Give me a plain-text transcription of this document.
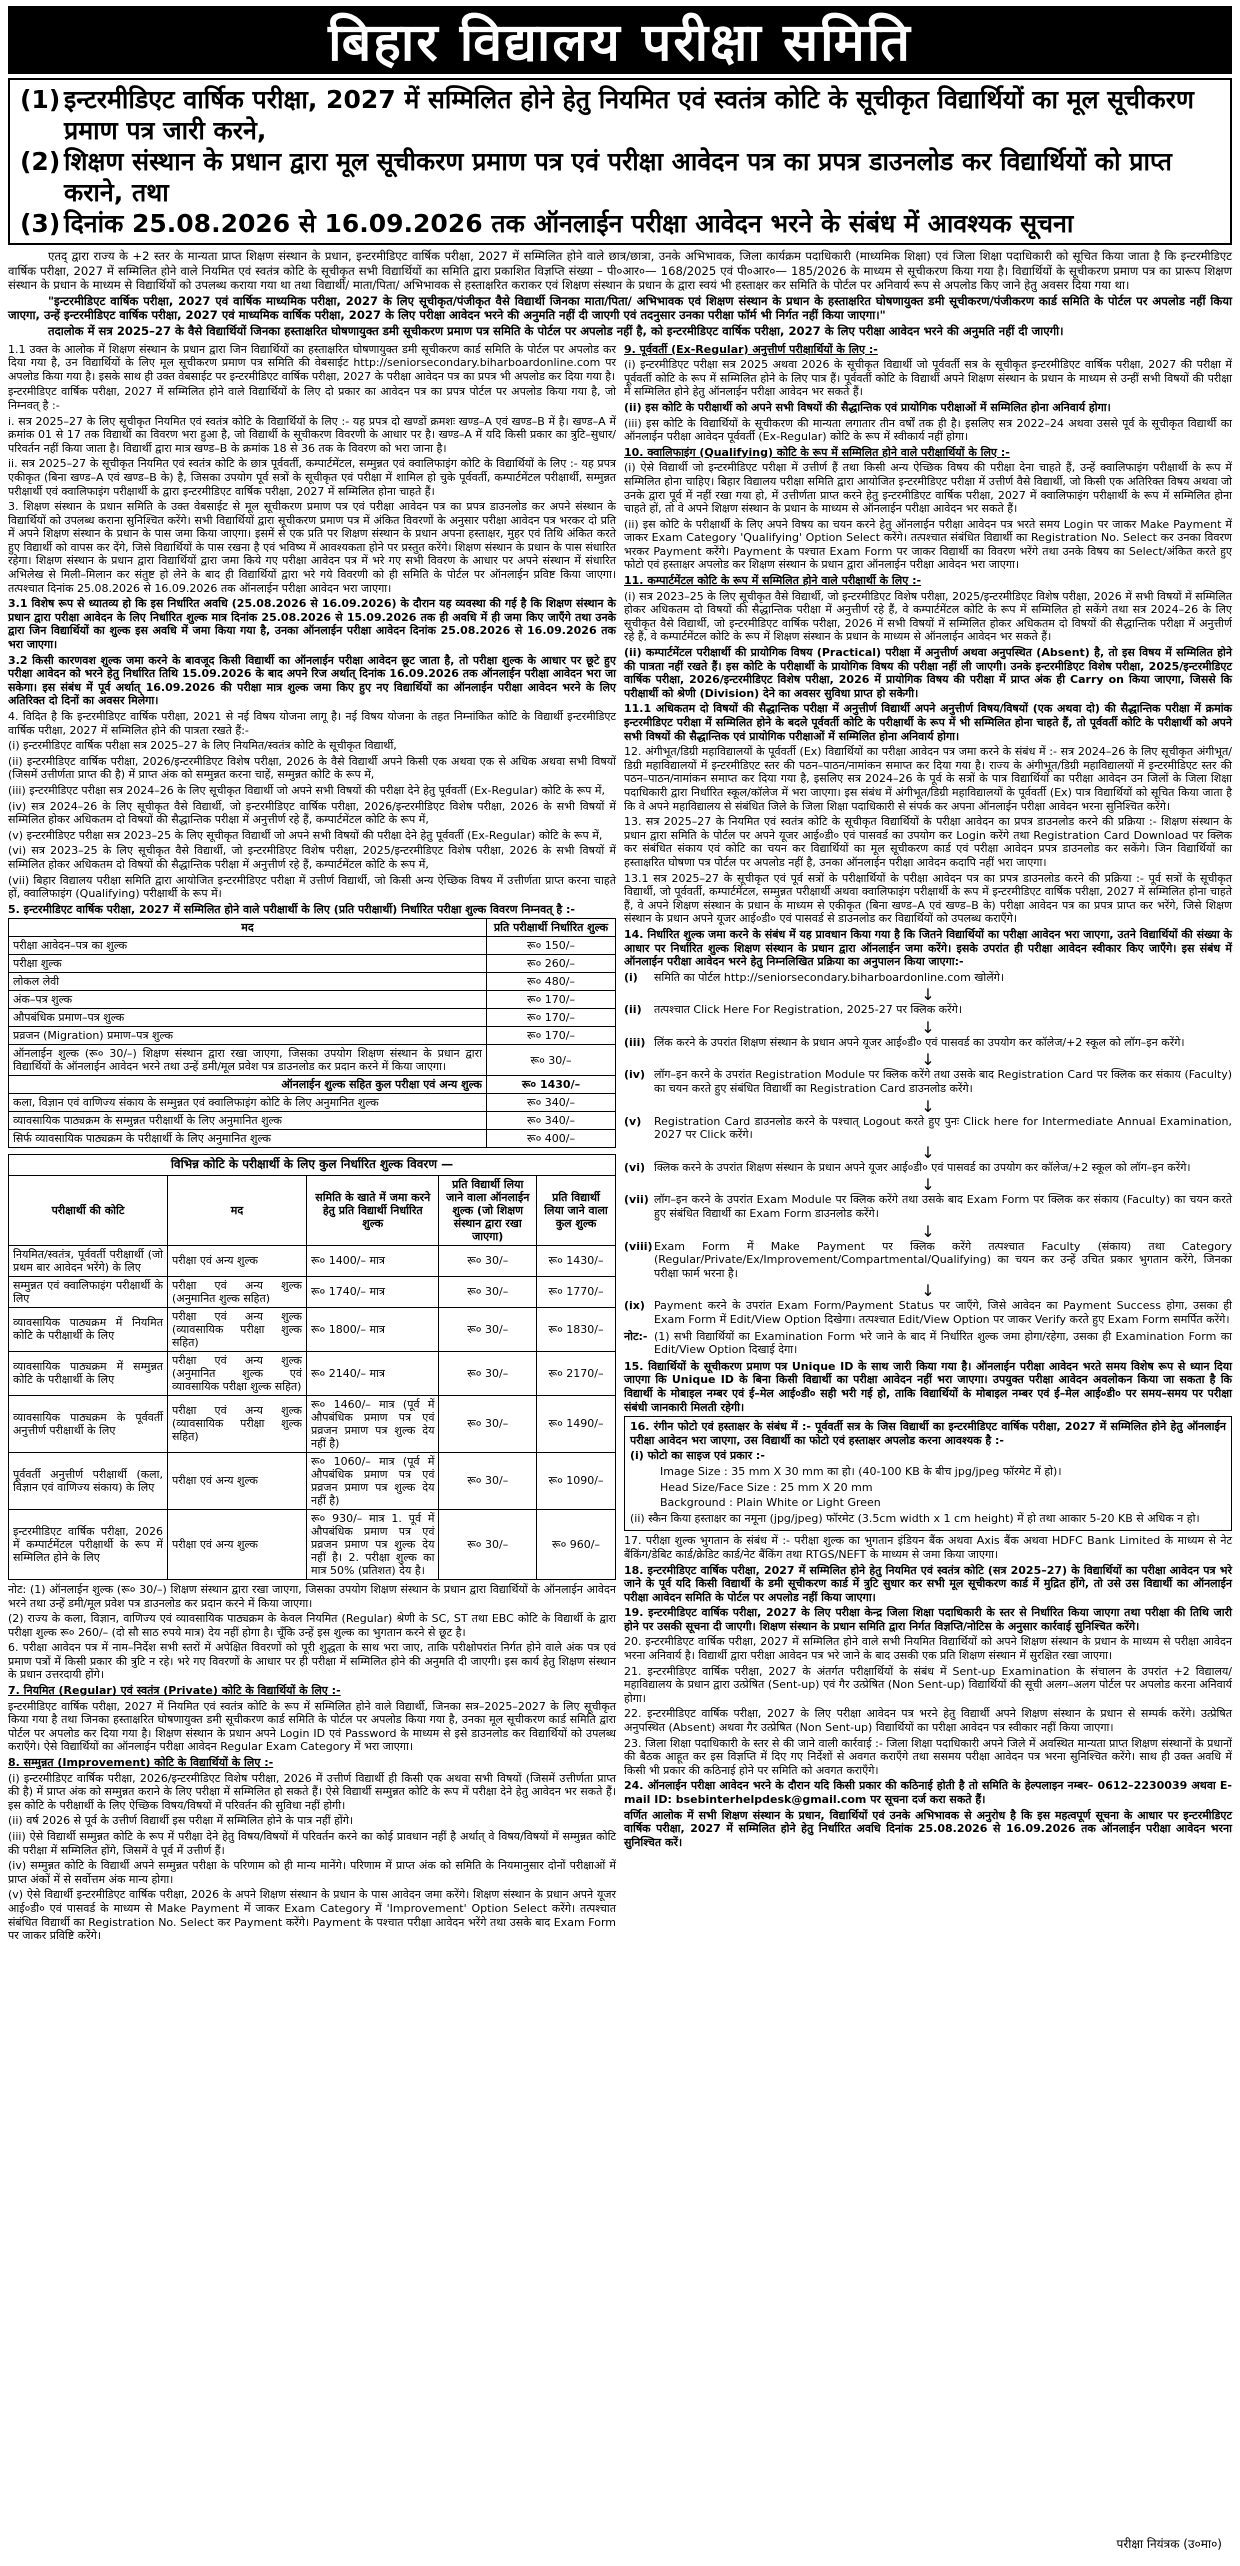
बिहार विद्यालय परीक्षा समिति
(1) इन्टरमीडिएट वार्षिक परीक्षा, 2027 में सम्मिलित होने हेतु नियमित एवं स्वतंत्र कोटि के सूचीकृत विद्यार्थियों का मूल सूचीकरण प्रमाण पत्र जारी करने,
(2) शिक्षण संस्थान के प्रधान द्वारा मूल सूचीकरण प्रमाण पत्र एवं परीक्षा आवेदन पत्र का प्रपत्र डाउनलोड कर विद्यार्थियों को प्राप्त कराने, तथा
(3) दिनांक 25.08.2026 से 16.09.2026 तक ऑनलाईन परीक्षा आवेदन भरने के संबंध में आवश्यक सूचना

एतद् द्वारा राज्य के +2 स्तर के मान्यता प्राप्त शिक्षण संस्थान के प्रधान, इन्टरमीडिएट वार्षिक परीक्षा, 2027 में सम्मिलित होने वाले छात्र/छात्रा, उनके अभिभावक, जिला कार्यक्रम पदाधिकारी (माध्यमिक शिक्षा) एवं जिला शिक्षा पदाधिकारी को सूचित किया जाता है कि इन्टरमीडिएट वार्षिक परीक्षा, 2027 में सम्मिलित होने वाले नियमित एवं स्वतंत्र कोटि के सूचीकृत सभी विद्यार्थियों का समिति द्वारा प्रकाशित विज्ञप्ति संख्या – पी०आर०— 168/2025 एवं पी०आर०— 185/2026 के माध्यम से सूचीकरण किया गया है। विद्यार्थियों के सूचीकरण प्रमाण पत्र का प्रारूप शिक्षण संस्थान के प्रधान के माध्यम से विद्यार्थियों को उपलब्ध कराया गया था तथा विद्यार्थी/ माता/पिता/ अभिभावक से हस्ताक्षरित कराकर एवं शिक्षण संस्थान के प्रधान के द्वारा स्वयं भी हस्ताक्षर कर समिति के पोर्टल पर अनिवार्य रूप से अपलोड किए जाने हेतु अवसर दिया गया था।

"इन्टरमीडिएट वार्षिक परीक्षा, 2027 एवं वार्षिक माध्यमिक परीक्षा, 2027 के लिए सूचीकृत/पंजीकृत वैसे विद्यार्थी जिनका माता/पिता/ अभिभावक एवं शिक्षण संस्थान के प्रधान के हस्ताक्षरित घोषणायुक्त डमी सूचीकरण/पंजीकरण कार्ड समिति के पोर्टल पर अपलोड नहीं किया जाएगा, उन्हें इन्टरमीडिएट वार्षिक परीक्षा, 2027 एवं माध्यमिक वार्षिक परीक्षा, 2027 के लिए परीक्षा आवेदन भरने की अनुमति नहीं दी जाएगी एवं तदनुसार उनका परीक्षा फॉर्म भी निर्गत नहीं किया जाएगा।"

तदालोक में सत्र 2025–27 के वैसे विद्यार्थियों जिनका हस्ताक्षरित घोषणायुक्त डमी सूचीकरण प्रमाण पत्र समिति के पोर्टल पर अपलोड नहीं है, को इन्टरमीडिएट वार्षिक परीक्षा, 2027 के लिए परीक्षा आवेदन भरने की अनुमति नहीं दी जाएगी।

1.1 उक्त के आलोक में शिक्षण संस्थान के प्रधान द्वारा जिन विद्यार्थियों का हस्ताक्षरित घोषणायुक्त डमी सूचीकरण कार्ड समिति के पोर्टल पर अपलोड कर दिया गया है, उन विद्यार्थियों के लिए मूल सूचीकरण प्रमाण पत्र समिति की वेबसाईट http://seniorsecondary.biharboardonline.com पर अपलोड किया गया है। इसके साथ ही उक्त वेबसाईट पर इन्टरमीडिएट वार्षिक परीक्षा, 2027 के परीक्षा आवेदन पत्र का प्रपत्र भी अपलोड कर दिया गया है।

इन्टरमीडिएट वार्षिक परीक्षा, 2027 में सम्मिलित होने वाले विद्यार्थियों के लिए दो प्रकार का आवेदन पत्र का प्रपत्र पोर्टल पर अपलोड किया गया है, जो निम्नवत् है :-

i. सत्र 2025–27 के लिए सूचीकृत नियमित एवं स्वतंत्र कोटि के विद्यार्थियों के लिए :- यह प्रपत्र दो खण्डों क्रमशः खण्ड–A एवं खण्ड–B में है। खण्ड–A में क्रमांक 01 से 17 तक विद्यार्थी का विवरण भरा हुआ है, जो विद्यार्थी के सूचीकरण विवरणी के आधार पर है। खण्ड–A में यदि किसी प्रकार का त्रुटि–सुधार/परिवर्तन नहीं किया जाता है। विद्यार्थी द्वारा मात्र खण्ड–B के क्रमांक 18 से 36 तक के विवरण को भरा जाना है।

ii. सत्र 2025–27 के सूचीकृत नियमित एवं स्वतंत्र कोटि के छात्र पूर्ववर्ती, कम्पार्टमेंटल, सम्मुन्नत एवं क्वालिफाइंग कोटि के विद्यार्थियों के लिए :- यह प्रपत्र एकीकृत (बिना खण्ड–A एवं खण्ड–B के) है, जिसका उपयोग पूर्व सत्रों के सूचीकृत एवं परीक्षा में शामिल हो चुके पूर्ववर्ती, कम्पार्टमेंटल परीक्षार्थी, सम्मुन्नत परीक्षार्थी एवं क्वालिफाइंग परीक्षार्थी के द्वारा इन्टरमीडिएट वार्षिक परीक्षा, 2027 में सम्मिलित होना चाहते हैं।

3. शिक्षण संस्थान के प्रधान समिति के उक्त वेबसाईट से मूल सूचीकरण प्रमाण पत्र एवं परीक्षा आवेदन पत्र का प्रपत्र डाउनलोड कर अपने संस्थान के विद्यार्थियों को उपलब्ध कराना सुनिश्चित करेंगे। सभी विद्यार्थियों द्वारा सूचीकरण प्रमाण पत्र में अंकित विवरणों के अनुसार परीक्षा आवेदन पत्र भरकर दो प्रति में अपने शिक्षण संस्थान के प्रधान के पास जमा किया जाएगा। इसमें से एक प्रति पर शिक्षण संस्थान के प्रधान अपना हस्ताक्षर, मुहर एवं तिथि अंकित करते हुए विद्यार्थी को वापस कर देंगे, जिसे विद्यार्थियों के पास रखना है एवं भविष्य में आवश्यकता होने पर प्रस्तुत करेंगे। शिक्षण संस्थान के प्रधान के पास संधारित रहेगा। शिक्षण संस्थान के प्रधान द्वारा विद्यार्थियों द्वारा जमा किये गए परीक्षा आवेदन पत्र में भरे गए सभी विवरण के आधार पर अपने संस्थान में संधारित अभिलेख से मिली–मिलान कर संतुष्ट हो लेने के बाद ही विद्यार्थियों द्वारा भरे गये विवरणी को ही समिति के पोर्टल पर ऑनलाईन प्रविष्ट किया जाएगा। तत्पश्चात दिनांक 25.08.2026 से 16.09.2026 तक ऑनलाईन परीक्षा आवेदन भरा जाएगा।

3.1 विशेष रूप से ध्यातव्य हो कि इस निर्धारित अवधि (25.08.2026 से 16.09.2026) के दौरान यह व्यवस्था की गई है कि शिक्षण संस्थान के प्रधान द्वारा परीक्षा आवेदन के लिए निर्धारित शुल्क मात्र दिनांक 25.08.2026 से 15.09.2026 तक ही अवधि में ही जमा किए जाएँगे तथा उनके द्वारा जिन विद्यार्थियों का शुल्क इस अवधि में जमा किया गया है, उनका ऑनलाईन परीक्षा आवेदन दिनांक 25.08.2026 से 16.09.2026 तक भरा जाएगा।

3.2 किसी कारणवश शुल्क जमा करने के बावजूद किसी विद्यार्थी का ऑनलाईन परीक्षा आवेदन छूट जाता है, तो परीक्षा शुल्क के आधार पर छूटे हुए परीक्षा आवेदन को भरने हेतु निर्धारित तिथि 15.09.2026 के बाद अपने रिज अर्थात् दिनांक 16.09.2026 तक ऑनलाईन परीक्षा आवेदन भरा जा सकेगा। इस संबंध में पूर्व अर्थात् 16.09.2026 की परीक्षा मात्र शुल्क जमा किए हुए नए विद्यार्थियों का ऑनलाईन परीक्षा आवेदन भरने के लिए अतिरिक्त दो दिनों का अवसर मिलेगा।

4. विदित है कि इन्टरमीडिएट वार्षिक परीक्षा, 2021 से नई विषय योजना लागू है। नई विषय योजना के तहत निम्नांकित कोटि के विद्यार्थी इन्टरमीडिएट वार्षिक परीक्षा, 2027 में सम्मिलित होने की पात्रता रखते हैं:-

(i) इन्टरमीडिएट वार्षिक परीक्षा सत्र 2025–27 के लिए नियमित/स्वतंत्र कोटि के सूचीकृत विद्यार्थी,

(ii) इन्टरमीडिएट वार्षिक परीक्षा, 2026/इन्टरमीडिएट विशेष परीक्षा, 2026 के वैसे विद्यार्थी अपने किसी एक अथवा एक से अधिक अथवा सभी विषयों (जिसमें उत्तीर्णता प्राप्त की है) में प्राप्त अंक को सम्मुन्नत करना चाहें, सम्मुन्नत कोटि के रूप में,

(iii) इन्टरमीडिएट परीक्षा सत्र 2024–26 के लिए सूचीकृत विद्यार्थी जो अपने सभी विषयों की परीक्षा देने हेतु पूर्ववर्ती (Ex-Regular) कोटि के रूप में,

(iv) सत्र 2024–26 के लिए सूचीकृत वैसे विद्यार्थी, जो इन्टरमीडिएट वार्षिक परीक्षा, 2026/इन्टरमीडिएट विशेष परीक्षा, 2026 के सभी विषयों में सम्मिलित होकर अधिकतम दो विषयों की सैद्धान्तिक परीक्षा में अनुत्तीर्ण रहे हैं, कम्पार्टमेंटल कोटि के रूप में,

(v) इन्टरमीडिएट परीक्षा सत्र 2023–25 के लिए सूचीकृत विद्यार्थी जो अपने सभी विषयों की परीक्षा देने हेतु पूर्ववर्ती (Ex-Regular) कोटि के रूप में,

(vi) सत्र 2023–25 के लिए सूचीकृत वैसे विद्यार्थी, जो इन्टरमीडिएट विशेष परीक्षा, 2025/इन्टरमीडिएट विशेष परीक्षा, 2026 के सभी विषयों में सम्मिलित होकर अधिकतम दो विषयों की सैद्धान्तिक परीक्षा में अनुत्तीर्ण रहे हैं, कम्पार्टमेंटल कोटि के रूप में,

(vii) बिहार विद्यालय परीक्षा समिति द्वारा आयोजित इन्टरमीडिएट परीक्षा में उत्तीर्ण विद्यार्थी, जो किसी अन्य ऐच्छिक विषय में उत्तीर्णता प्राप्त करना चाहते हों, क्वालिफाइंग (Qualifying) परीक्षार्थी के रूप में।

5. इन्टरमीडिएट वार्षिक परीक्षा, 2027 में सम्मिलित होने वाले परीक्षार्थी के लिए (प्रति परीक्षार्थी) निर्धारित परीक्षा शुल्क विवरण निम्नवत् है :-

मद	प्रति परीक्षार्थी निर्धारित शुल्क
परीक्षा आवेदन–पत्र का शुल्क	रू० 150/–
परीक्षा शुल्क	रू० 260/–
लोकल लेवी	रू० 480/–
अंक–पत्र शुल्क	रू० 170/–
औपबंधिक प्रमाण–पत्र शुल्क	रू० 170/–
प्रव्रजन (Migration) प्रमाण–पत्र शुल्क	रू० 170/–
ऑनलाईन शुल्क (रू० 30/–) शिक्षण संस्थान द्वारा रखा जाएगा, जिसका उपयोग शिक्षण संस्थान के प्रधान द्वारा विद्यार्थियों के ऑनलाईन आवेदन भरने तथा उन्हें डमी/मूल प्रवेश पत्र डाउनलोड कर प्रदान करने में किया जाएगा।	रू० 30/–
ऑनलाईन शुल्क सहित कुल परीक्षा एवं अन्य शुल्क	रू० 1430/–
कला, विज्ञान एवं वाणिज्य संकाय के सम्मुन्नत एवं क्वालिफाइंग कोटि के लिए अनुमानित शुल्क	रू० 340/–
व्यावसायिक पाठ्यक्रम के सम्मुन्नत परीक्षार्थी के लिए अनुमानित शुल्क	रू० 340/–
सिर्फ व्यावसायिक पाठ्यक्रम के परीक्षार्थी के लिए अनुमानित शुल्क	रू० 400/–
विभिन्न कोटि के परीक्षार्थी के लिए कुल निर्धारित शुल्क विवरण —
परीक्षार्थी की कोटि	मद	समिति के खाते में जमा करने हेतु प्रति विद्यार्थी निर्धारित शुल्क	प्रति विद्यार्थी लिया जाने वाला ऑनलाईन शुल्क (जो शिक्षण संस्थान द्वारा रखा जाएगा)	प्रति विद्यार्थी लिया जाने वाला कुल शुल्क
नियमित/स्वतंत्र, पूर्ववर्ती परीक्षार्थी (जो प्रथम बार आवेदन भरेंगे) के लिए	परीक्षा एवं अन्य शुल्क	रू० 1400/– मात्र	रू० 30/–	रू० 1430/–
सम्मुन्नत एवं क्वालिफाइंग परीक्षार्थी के लिए	परीक्षा एवं अन्य शुल्क (अनुमानित शुल्क सहित)	रू० 1740/– मात्र	रू० 30/–	रू० 1770/–
व्यावसायिक पाठ्यक्रम में नियमित कोटि के परीक्षार्थी के लिए	परीक्षा एवं अन्य शुल्क (व्यावसायिक परीक्षा शुल्क सहित)	रू० 1800/– मात्र	रू० 30/–	रू० 1830/–
व्यावसायिक पाठ्यक्रम में सम्मुन्नत कोटि के परीक्षार्थी के लिए	परीक्षा एवं अन्य शुल्क (अनुमानित शुल्क एवं व्यावसायिक परीक्षा शुल्क सहित)	रू० 2140/– मात्र	रू० 30/–	रू० 2170/–
व्यावसायिक पाठ्यक्रम के पूर्ववर्ती अनुत्तीर्ण परीक्षार्थी के लिए	परीक्षा एवं अन्य शुल्क (व्यावसायिक परीक्षा शुल्क सहित)	रू० 1460/– मात्र (पूर्व में औपबंधिक प्रमाण पत्र एवं प्रव्रजन प्रमाण पत्र शुल्क देय नहीं है)	रू० 30/–	रू० 1490/–
पूर्ववर्ती अनुत्तीर्ण परीक्षार्थी (कला, विज्ञान एवं वाणिज्य संकाय) के लिए	परीक्षा एवं अन्य शुल्क	रू० 1060/– मात्र (पूर्व में औपबंधिक प्रमाण पत्र एवं प्रव्रजन प्रमाण पत्र शुल्क देय नहीं है)	रू० 30/–	रू० 1090/–
इन्टरमीडिएट वार्षिक परीक्षा, 2026 में कम्पार्टमेंटल परीक्षार्थी के रूप में सम्मिलित होने के लिए	परीक्षा एवं अन्य शुल्क	रू० 930/– मात्र 1. पूर्व में औपबंधिक प्रमाण पत्र एवं प्रव्रजन प्रमाण पत्र शुल्क देय नहीं है। 2. परीक्षा शुल्क का मात्र 50% (प्रतिशत) देय है।	रू० 30/–	रू० 960/–

नोट: (1) ऑनलाईन शुल्क (रू० 30/–) शिक्षण संस्थान द्वारा रखा जाएगा, जिसका उपयोग शिक्षण संस्थान के प्रधान द्वारा विद्यार्थियों के ऑनलाईन आवेदन भरने तथा उन्हें डमी/मूल प्रवेश पत्र डाउनलोड कर प्रदान करने में किया जाएगा।

(2) राज्य के कला, विज्ञान, वाणिज्य एवं व्यावसायिक पाठ्यक्रम के केवल नियमित (Regular) श्रेणी के SC, ST तथा EBC कोटि के विद्यार्थी के द्वारा परीक्षा शुल्क रू० 260/– (दो सौ साठ रुपये मात्र) देय नहीं होगा है। चूँकि उन्हें इस शुल्क का भुगतान करने से छूट है।

6. परीक्षा आवेदन पत्र में नाम–निर्देश सभी स्तरों में अपेक्षित विवरणों को पूरी शुद्धता के साथ भरा जाए, ताकि परीक्षोपरांत निर्गत होने वाले अंक पत्र एवं प्रमाण पत्रों में किसी प्रकार की त्रुटि न रहे। भरे गए विवरणों के आधार पर ही परीक्षा में सम्मिलित होने की अनुमति दी जाएगी। इस कार्य हेतु शिक्षण संस्थान के प्रधान उत्तरदायी होंगे।

7. नियमित (Regular) एवं स्वतंत्र (Private) कोटि के विद्यार्थियों के लिए :-

इन्टरमीडिएट वार्षिक परीक्षा, 2027 में नियमित एवं स्वतंत्र कोटि के रूप में सम्मिलित होने वाले विद्यार्थी, जिनका सत्र–2025–2027 के लिए सूचीकृत किया गया है तथा जिनका हस्ताक्षरित घोषणायुक्त डमी सूचीकरण कार्ड समिति के पोर्टल पर अपलोड किया गया है, उनका मूल सूचीकरण कार्ड समिति द्वारा पोर्टल पर अपलोड कर दिया गया है। शिक्षण संस्थान के प्रधान अपने Login ID एवं Password के माध्यम से इसे डाउनलोड कर विद्यार्थियों को उपलब्ध कराएँगे। ऐसे विद्यार्थियों का ऑनलाईन परीक्षा आवेदन Regular Exam Category में भरा जाएगा।

8. सम्मुन्नत (Improvement) कोटि के विद्यार्थियों के लिए :-

(i) इन्टरमीडिएट वार्षिक परीक्षा, 2026/इन्टरमीडिएट विशेष परीक्षा, 2026 में उत्तीर्ण विद्यार्थी ही किसी एक अथवा सभी विषयों (जिसमें उत्तीर्णता प्राप्त की है) में प्राप्त अंक को सम्मुन्नत कराने के लिए परीक्षा में सम्मिलित हो सकते हैं। ऐसे विद्यार्थी सम्मुन्नत कोटि के रूप में परीक्षा देने हेतु आवेदन भर सकते हैं। इस कोटि के परीक्षार्थी के लिए ऐच्छिक विषय/विषयों में परिवर्तन की सुविधा नहीं होगी।

(ii) वर्ष 2026 से पूर्व के उत्तीर्ण विद्यार्थी इस परीक्षा में सम्मिलित होने के पात्र नहीं होंगे।

(iii) ऐसे विद्यार्थी सम्मुन्नत कोटि के रूप में परीक्षा देने हेतु विषय/विषयों में परिवर्तन करने का कोई प्रावधान नहीं है अर्थात् वे विषय/विषयों में सम्मुन्नत कोटि की परीक्षा में सम्मिलित होंगे, जिसमें वे पूर्व में उत्तीर्ण हैं।

(iv) सम्मुन्नत कोटि के विद्यार्थी अपने सम्मुन्नत परीक्षा के परिणाम को ही मान्य मानेंगे। परिणाम में प्राप्त अंक को समिति के नियमानुसार दोनों परीक्षाओं में प्राप्त अंकों में से सर्वोत्तम अंक मान्य होगा।

(v) ऐसे विद्यार्थी इन्टरमीडिएट वार्षिक परीक्षा, 2026 के अपने शिक्षण संस्थान के प्रधान के पास आवेदन जमा करेंगे। शिक्षण संस्थान के प्रधान अपने यूजर आई०डी० एवं पासवर्ड के माध्यम से Make Payment में जाकर Exam Category में 'Improvement' Option Select करेंगे। तत्पश्चात संबंधित विद्यार्थी का Registration No. Select कर Payment करेंगे। Payment के पश्चात परीक्षा आवेदन भरेंगे तथा उसके बाद Exam Form पर जाकर प्रविष्टि करेंगे।

9. पूर्ववर्ती (Ex-Regular) अनुत्तीर्ण परीक्षार्थियों के लिए :-

(i) इन्टरमीडिएट परीक्षा सत्र 2025 अथवा 2026 के सूचीकृत विद्यार्थी जो पूर्ववर्ती सत्र के सूचीकृत इन्टरमीडिएट वार्षिक परीक्षा, 2027 की परीक्षा में पूर्ववर्ती कोटि के रूप में सम्मिलित होने के लिए पात्र हैं। पूर्ववर्ती कोटि के विद्यार्थी अपने शिक्षण संस्थान के प्रधान के माध्यम से उन्हीं सभी विषयों की परीक्षा में सम्मिलित होने हेतु ऑनलाईन परीक्षा आवेदन भर सकते हैं।

(ii) इस कोटि के परीक्षार्थी को अपने सभी विषयों की सैद्धान्तिक एवं प्रायोगिक परीक्षाओं में सम्मिलित होना अनिवार्य होगा।

(iii) इस कोटि के विद्यार्थियों के सूचीकरण की मान्यता लगातार तीन वर्षों तक ही है। इसलिए सत्र 2022–24 अथवा उससे पूर्व के सूचीकृत विद्यार्थी का ऑनलाईन परीक्षा आवेदन पूर्ववर्ती (Ex-Regular) कोटि के रूप में स्वीकार्य नहीं होगा।

10. क्वालिफाइंग (Qualifying) कोटि के रूप में सम्मिलित होने वाले परीक्षार्थियों के लिए :-

(i) ऐसे विद्यार्थी जो इन्टरमीडिएट परीक्षा में उत्तीर्ण हैं तथा किसी अन्य ऐच्छिक विषय की परीक्षा देना चाहते हैं, उन्हें क्वालिफाइंग परीक्षार्थी के रूप में सम्मिलित होना चाहिए। बिहार विद्यालय परीक्षा समिति द्वारा आयोजित इन्टरमीडिएट परीक्षा में उत्तीर्ण वैसे विद्यार्थी, जो किसी एक अतिरिक्त विषय अथवा जो उनके द्वारा पूर्व में नहीं रखा गया हो, में उत्तीर्णता प्राप्त करने हेतु इन्टरमीडिएट वार्षिक परीक्षा, 2027 में क्वालिफाइंग परीक्षार्थी के रूप में सम्मिलित होना चाहते हों, तो वे अपने शिक्षण संस्थान के प्रधान के माध्यम से ऑनलाईन परीक्षा आवेदन भर सकते हैं।

(ii) इस कोटि के परीक्षार्थी के लिए अपने विषय का चयन करने हेतु ऑनलाईन परीक्षा आवेदन पत्र भरते समय Login पर जाकर Make Payment में जाकर Exam Category 'Qualifying' Option Select करेंगे। तत्पश्चात संबंधित विद्यार्थी का Registration No. Select कर उनका विवरण भरकर Payment करेंगे। Payment के पश्चात Exam Form पर जाकर विद्यार्थी का विवरण भरेंगे तथा उनके विषय का Select/अंकित करते हुए फोटो एवं हस्ताक्षर अपलोड कर शिक्षण संस्थान के प्रधान द्वारा ऑनलाईन परीक्षा आवेदन भरा जाएगा।

11. कम्पार्टमेंटल कोटि के रूप में सम्मिलित होने वाले परीक्षार्थी के लिए :-

(i) सत्र 2023–25 के लिए सूचीकृत वैसे विद्यार्थी, जो इन्टरमीडिएट विशेष परीक्षा, 2025/इन्टरमीडिएट विशेष परीक्षा, 2026 में सभी विषयों में सम्मिलित होकर अधिकतम दो विषयों की सैद्धान्तिक परीक्षा में अनुत्तीर्ण रहे हैं, वे कम्पार्टमेंटल कोटि के रूप में सम्मिलित हो सकेंगे तथा सत्र 2024–26 के लिए सूचीकृत वैसे विद्यार्थी, जो इन्टरमीडिएट वार्षिक परीक्षा, 2026 में सभी विषयों में सम्मिलित होकर अधिकतम दो विषयों की सैद्धान्तिक परीक्षा में अनुत्तीर्ण रहे हैं, वे कम्पार्टमेंटल कोटि के रूप में शिक्षण संस्थान के प्रधान के माध्यम से ऑनलाईन आवेदन भर सकते हैं।

(ii) कम्पार्टमेंटल परीक्षार्थी की प्रायोगिक विषय (Practical) परीक्षा में अनुत्तीर्ण अथवा अनुपस्थित (Absent) है, तो इस विषय में सम्मिलित होने की पात्रता नहीं रखते हैं। इस कोटि के परीक्षार्थी के प्रायोगिक विषय की परीक्षा नहीं ली जाएगी। उनके इन्टरमीडिएट विशेष परीक्षा, 2025/इन्टरमीडिएट वार्षिक परीक्षा, 2026/इन्टरमीडिएट विशेष परीक्षा, 2026 में प्रायोगिक विषय की परीक्षा में प्राप्त अंक ही Carry on किया जाएगा, जिससे कि परीक्षार्थी को श्रेणी (Division) देने का अवसर सुविधा प्राप्त हो सकेगी।

11.1 अधिकतम दो विषयों की सैद्धान्तिक परीक्षा में अनुत्तीर्ण विद्यार्थी अपने अनुत्तीर्ण विषय/विषयों (एक अथवा दो) की सैद्धान्तिक परीक्षा में क्रमांक इन्टरमीडिएट परीक्षा में सम्मिलित होने के बदले पूर्ववर्ती कोटि के परीक्षार्थी के रूप में भी सम्मिलित होना चाहते हैं, तो पूर्ववर्ती कोटि के परीक्षार्थी को अपने सभी विषयों की सैद्धान्तिक एवं प्रायोगिक परीक्षाओं में सम्मिलित होना अनिवार्य होगा।

12. अंगीभूत/डिग्री महाविद्यालयों के पूर्ववर्ती (Ex) विद्यार्थियों का परीक्षा आवेदन पत्र जमा करने के संबंध में :- सत्र 2024–26 के लिए सूचीकृत अंगीभूत/डिग्री महाविद्यालयों में इन्टरमीडिएट स्तर की पठन–पाठन/नामांकन समाप्त कर दिया गया है। राज्य के अंगीभूत/डिग्री महाविद्यालयों में इन्टरमीडिएट स्तर की पठन–पाठन/नामांकन समाप्त कर दिया गया है, इसलिए सत्र 2024–26 के पूर्व के सत्रों के पात्र विद्यार्थियों का परीक्षा आवेदन उन जिलों के जिला शिक्षा पदाधिकारी द्वारा निर्धारित स्कूल/कॉलेज में भरा जाएगा। इस संबंध में अंगीभूत/डिग्री महाविद्यालयों के पूर्ववर्ती (Ex) पात्र विद्यार्थियों को सूचित किया जाता है कि वे अपने महाविद्यालय से संबंधित जिले के जिला शिक्षा पदाधिकारी से संपर्क कर अपना ऑनलाईन परीक्षा आवेदन भरना सुनिश्चित करेंगे।

13. सत्र 2025–27 के नियमित एवं स्वतंत्र कोटि के सूचीकृत विद्यार्थियों के परीक्षा आवेदन का प्रपत्र डाउनलोड करने की प्रक्रिया :- शिक्षण संस्थान के प्रधान द्वारा समिति के पोर्टल पर अपने यूजर आई०डी० एवं पासवर्ड का उपयोग कर Login करेंगे तथा Registration Card Download पर क्लिक कर संबंधित संकाय एवं कोटि का चयन कर विद्यार्थियों का मूल सूचीकरण कार्ड एवं परीक्षा आवेदन प्रपत्र डाउनलोड कर सकेंगे। जिन विद्यार्थियों का हस्ताक्षरित घोषणा पत्र पोर्टल पर अपलोड नहीं है, उनका ऑनलाईन परीक्षा आवेदन कदापि नहीं भरा जाएगा।

13.1 सत्र 2025–27 के सूचीकृत एवं पूर्व सत्रों के परीक्षार्थियों के परीक्षा आवेदन पत्र का प्रपत्र डाउनलोड करने की प्रक्रिया :- पूर्व सत्रों के सूचीकृत विद्यार्थी, जो पूर्ववर्ती, कम्पार्टमेंटल, सम्मुन्नत परीक्षार्थी अथवा क्वालिफाइंग परीक्षार्थी के रूप में इन्टरमीडिएट वार्षिक परीक्षा, 2027 में सम्मिलित होना चाहते हैं, वे अपने शिक्षण संस्थान के प्रधान के माध्यम से एकीकृत (बिना खण्ड–A एवं खण्ड–B के) परीक्षा आवेदन पत्र का प्रपत्र प्राप्त कर भरेंगे, जिसे शिक्षण संस्थान के प्रधान अपने यूजर आई०डी० एवं पासवर्ड से डाउनलोड कर विद्यार्थियों को उपलब्ध कराएँगे।

14. निर्धारित शुल्क जमा करने के संबंध में यह प्रावधान किया गया है कि जितने विद्यार्थियों का परीक्षा आवेदन भरा जाएगा, उतने विद्यार्थियों की संख्या के आधार पर निर्धारित शुल्क शिक्षण संस्थान के प्रधान द्वारा ऑनलाईन जमा करेंगे। इसके उपरांत ही परीक्षा आवेदन स्वीकार किए जाएँगे। इस संबंध में ऑनलाईन परीक्षा आवेदन भरने हेतु निम्नलिखित प्रक्रिया का अनुपालन किया जाएगा:-

(i)	समिति का पोर्टल http://seniorsecondary.biharboardonline.com खोलेंगे।
↓
(ii)	तत्पश्चात Click Here For Registration, 2025-27 पर क्लिक करेंगे।
↓
(iii) लिंक करने के उपरांत शिक्षण संस्थान के प्रधान अपने यूजर आई०डी० एवं पासवर्ड का उपयोग कर कॉलेज/+2 स्कूल को लॉग–इन करेंगे।
↓
(iv) लॉग–इन करने के उपरांत Registration Module पर क्लिक करेंगे तथा उसके बाद Registration Card पर क्लिक कर संकाय (Faculty) का चयन करते हुए संबंधित विद्यार्थी का Registration Card डाउनलोड करेंगे।
↓
(v)	Registration Card डाउनलोड करने के पश्चात् Logout करते हुए पुनः Click here for Intermediate Annual Examination, 2027 पर Click करेंगे।
↓
(vi) क्लिक करने के उपरांत शिक्षण संस्थान के प्रधान अपने यूजर आई०डी० एवं पासवर्ड का उपयोग कर कॉलेज/+2 स्कूल को लॉग–इन करेंगे।
↓
(vii) लॉग–इन करने के उपरांत Exam Module पर क्लिक करेंगे तथा उसके बाद Exam Form पर क्लिक कर संकाय (Faculty) का चयन करते हुए संबंधित विद्यार्थी का Exam Form डाउनलोड करेंगे।
↓
(viii) Exam Form में Make Payment पर क्लिक करेंगे तत्पश्चात Faculty (संकाय) तथा Category (Regular/Private/Ex/Improvement/Compartmental/Qualifying) का चयन कर उन्हें उचित प्रकार भुगतान करेंगे, जिनका परीक्षा फार्म भरना है।
↓
(ix) Payment करने के उपरांत Exam Form/Payment Status पर जाएँगे, जिसे आवेदन का Payment Success होगा, उसका ही Exam Form में Edit/View Option दिखेगा। तत्पश्चात Edit/View Option पर जाकर Verify करते हुए Exam Form समर्पित करेंगे।
नोट:- (1) सभी विद्यार्थियों का Examination Form भरे जाने के बाद में निर्धारित शुल्क जमा होगा/रहेगा, उसका ही Examination Form का Edit/View Option दिखाई देगा।

15. विद्यार्थियों के सूचीकरण प्रमाण पत्र Unique ID के साथ जारी किया गया है। ऑनलाईन परीक्षा आवेदन भरते समय विशेष रूप से ध्यान दिया जाएगा कि Unique ID के बिना किसी विद्यार्थी का परीक्षा आवेदन नहीं भरा जाएगा। उपयुक्त परीक्षा आवेदन अवलोकन किया जा सकता है कि विद्यार्थी के मोबाइल नम्बर एवं ई–मेल आई०डी० सही भरी गई हो, ताकि विद्यार्थियों के मोबाइल नम्बर एवं ई–मेल आई०डी० पर समय–समय पर परीक्षा संबंधी जानकारी मिलती रहेगी।

16. रंगीन फोटो एवं हस्ताक्षर के संबंध में :- पूर्ववर्ती सत्र के जिस विद्यार्थी का इन्टरमीडिएट वार्षिक परीक्षा, 2027 में सम्मिलित होने हेतु ऑनलाईन परीक्षा आवेदन भरा जाएगा, उस विद्यार्थी का फोटो एवं हस्ताक्षर अपलोड करना आवश्यक है :-

(i) फोटो का साइज एवं प्रकार :-

Image Size : 35 mm X 30 mm का हो। (40-100 KB के बीच jpg/jpeg फॉरमेट में हो)।

Head Size/Face Size : 25 mm X 20 mm

Background : Plain White or Light Green

(ii) स्कैन किया हस्ताक्षर का नमूना (jpg/jpeg) फॉरमेट (3.5cm width x 1 cm height) में हो तथा आकार 5-20 KB से अधिक न हो।

17. परीक्षा शुल्क भुगतान के संबंध में :- परीक्षा शुल्क का भुगतान इंडियन बैंक अथवा Axis बैंक अथवा HDFC Bank Limited के माध्यम से नेट बैंकिंग/डेबिट कार्ड/क्रेडिट कार्ड/नेट बैंकिंग तथा RTGS/NEFT के माध्यम से जमा किया जाएगा।

18. इन्टरमीडिएट वार्षिक परीक्षा, 2027 में सम्मिलित होने हेतु नियमित एवं स्वतंत्र कोटि (सत्र 2025–27) के विद्यार्थियों का परीक्षा आवेदन पत्र भरे जाने के पूर्व यदि किसी विद्यार्थी के डमी सूचीकरण कार्ड में त्रुटि सुधार कर सभी मूल सूचीकरण कार्ड में मुद्रित होंगे, तो उसे उस विद्यार्थी का ऑनलाईन परीक्षा आवेदन समिति के पोर्टल पर अपलोड नहीं किया जाएगा।

19. इन्टरमीडिएट वार्षिक परीक्षा, 2027 के लिए परीक्षा केन्द्र जिला शिक्षा पदाधिकारी के स्तर से निर्धारित किया जाएगा तथा परीक्षा की तिथि जारी होने पर उसकी सूचना दी जाएगी। शिक्षण संस्थान के प्रधान समिति द्वारा निर्गत विज्ञप्ति/नोटिस के अनुसार कार्रवाई सुनिश्चित करेंगे।

20. इन्टरमीडिएट वार्षिक परीक्षा, 2027 में सम्मिलित होने वाले सभी नियमित विद्यार्थियों को अपने शिक्षण संस्थान के प्रधान के माध्यम से परीक्षा आवेदन भरना अनिवार्य है। विद्यार्थी द्वारा परीक्षा आवेदन पत्र भरे जाने के बाद उसकी एक प्रति शिक्षण संस्थान में सुरक्षित रखा जाएगा।

21. इन्टरमीडिएट वार्षिक परीक्षा, 2027 के अंतर्गत परीक्षार्थियों के संबंध में Sent-up Examination के संचालन के उपरांत +2 विद्यालय/महाविद्यालय के प्रधान द्वारा उत्प्रेषित (Sent-up) एवं गैर उत्प्रेषित (Non Sent-up) विद्यार्थियों की सूची अलग–अलग पोर्टल पर अपलोड करना अनिवार्य होगा।

22. इन्टरमीडिएट वार्षिक परीक्षा, 2027 के लिए परीक्षा आवेदन पत्र भरने हेतु विद्यार्थी अपने शिक्षण संस्थान के प्रधान से सम्पर्क करेंगे। उत्प्रेषित अनुपस्थित (Absent) अथवा गैर उत्प्रेषित (Non Sent-up) विद्यार्थियों का परीक्षा आवेदन पत्र स्वीकार नहीं किया जाएगा।

23. जिला शिक्षा पदाधिकारी के स्तर से की जाने वाली कार्रवाई :- जिला शिक्षा पदाधिकारी अपने जिले में अवस्थित मान्यता प्राप्त शिक्षण संस्थानों के प्रधानों की बैठक आहूत कर इस विज्ञप्ति में दिए गए निर्देशों से अवगत कराएँगे तथा ससमय परीक्षा आवेदन पत्र भरना सुनिश्चित करेंगे। साथ ही उक्त अवधि में किसी भी प्रकार की कठिनाई होने पर समिति को अवगत कराएँगे।

24. ऑनलाईन परीक्षा आवेदन भरने के दौरान यदि किसी प्रकार की कठिनाई होती है तो समिति के हेल्पलाइन नम्बर– 0612–2230039 अथवा E-mail ID: bsebinterhelpdesk@gmail.com पर सूचना दर्ज करा सकते हैं।

वर्णित आलोक में सभी शिक्षण संस्थान के प्रधान, विद्यार्थियों एवं उनके अभिभावक से अनुरोध है कि इस महत्वपूर्ण सूचना के आधार पर इन्टरमीडिएट वार्षिक परीक्षा, 2027 में सम्मिलित होने हेतु निर्धारित अवधि दिनांक 25.08.2026 से 16.09.2026 तक ऑनलाईन परीक्षा आवेदन भरना सुनिश्चित करें।

परीक्षा नियंत्रक (उ०मा०)
